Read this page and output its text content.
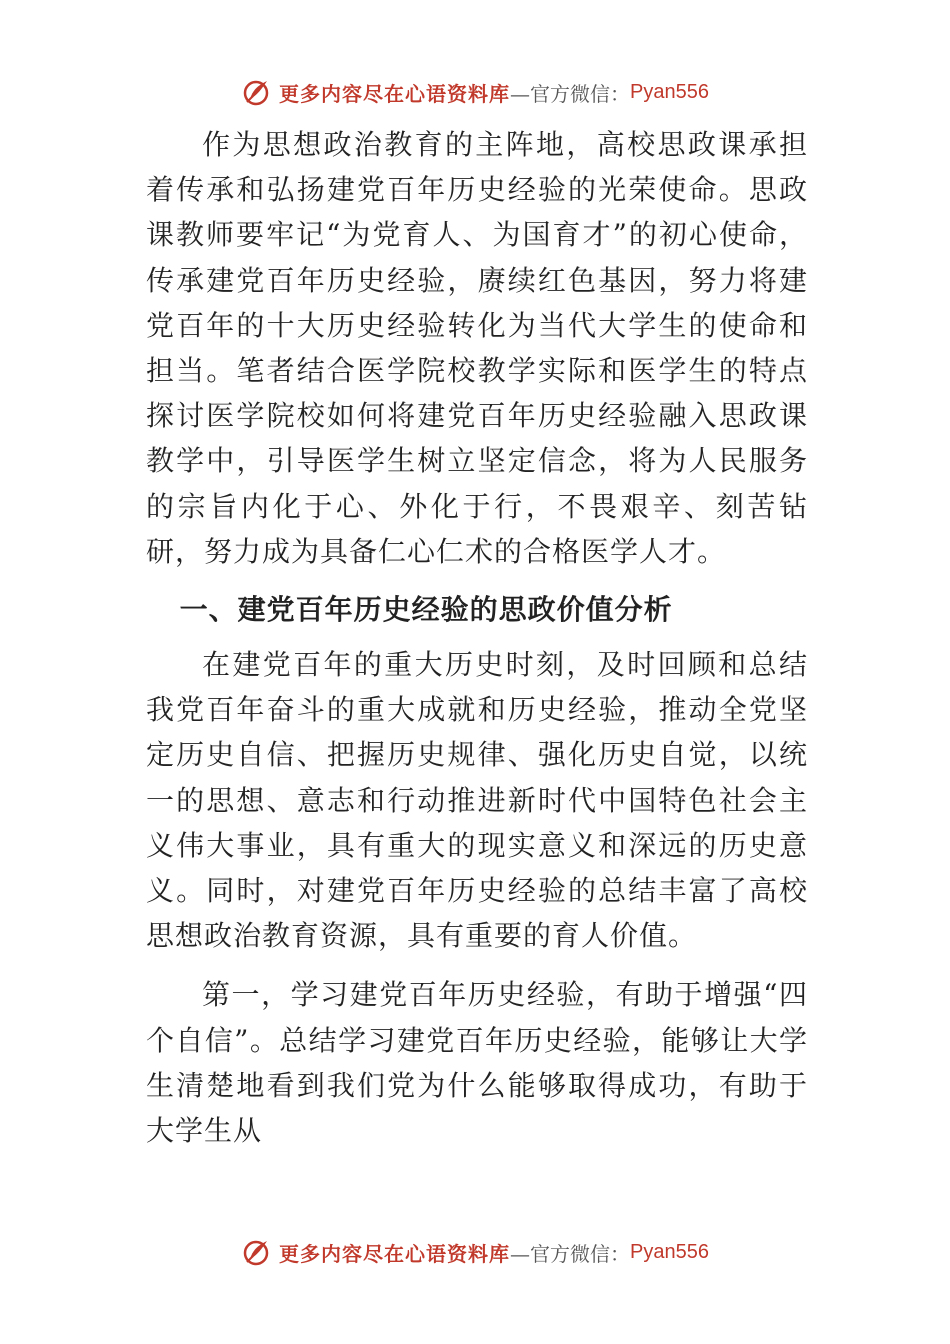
更多内容尽在心语资料库 —官方微信： Pyan556

作为思想政治教育的主阵地，高校思政课承担着传承和弘扬建党百年历史经验的光荣使命。思政课教师要牢记“为党育人、为国育才”的初心使命，传承建党百年历史经验，赓续红色基因，努力将建党百年的十大历史经验转化为当代大学生的使命和担当。笔者结合医学院校教学实际和医学生的特点探讨医学院校如何将建党百年历史经验融入思政课教学中，引导医学生树立坚定信念，将为人民服务的宗旨内化于心、外化于行，不畏艰辛、刻苦钻研，努力成为具备仁心仁术的合格医学人才。

一、建党百年历史经验的思政价值分析

在建党百年的重大历史时刻，及时回顾和总结我党百年奋斗的重大成就和历史经验，推动全党坚定历史自信、把握历史规律、强化历史自觉，以统一的思想、意志和行动推进新时代中国特色社会主义伟大事业，具有重大的现实意义和深远的历史意义。同时，对建党百年历史经验的总结丰富了高校思想政治教育资源，具有重要的育人价值。

第一，学习建党百年历史经验，有助于增强“四个自信”。总结学习建党百年历史经验，能够让大学生清楚地看到我们党为什么能够取得成功，有助于大学生从

更多内容尽在心语资料库 —官方微信： Pyan556
